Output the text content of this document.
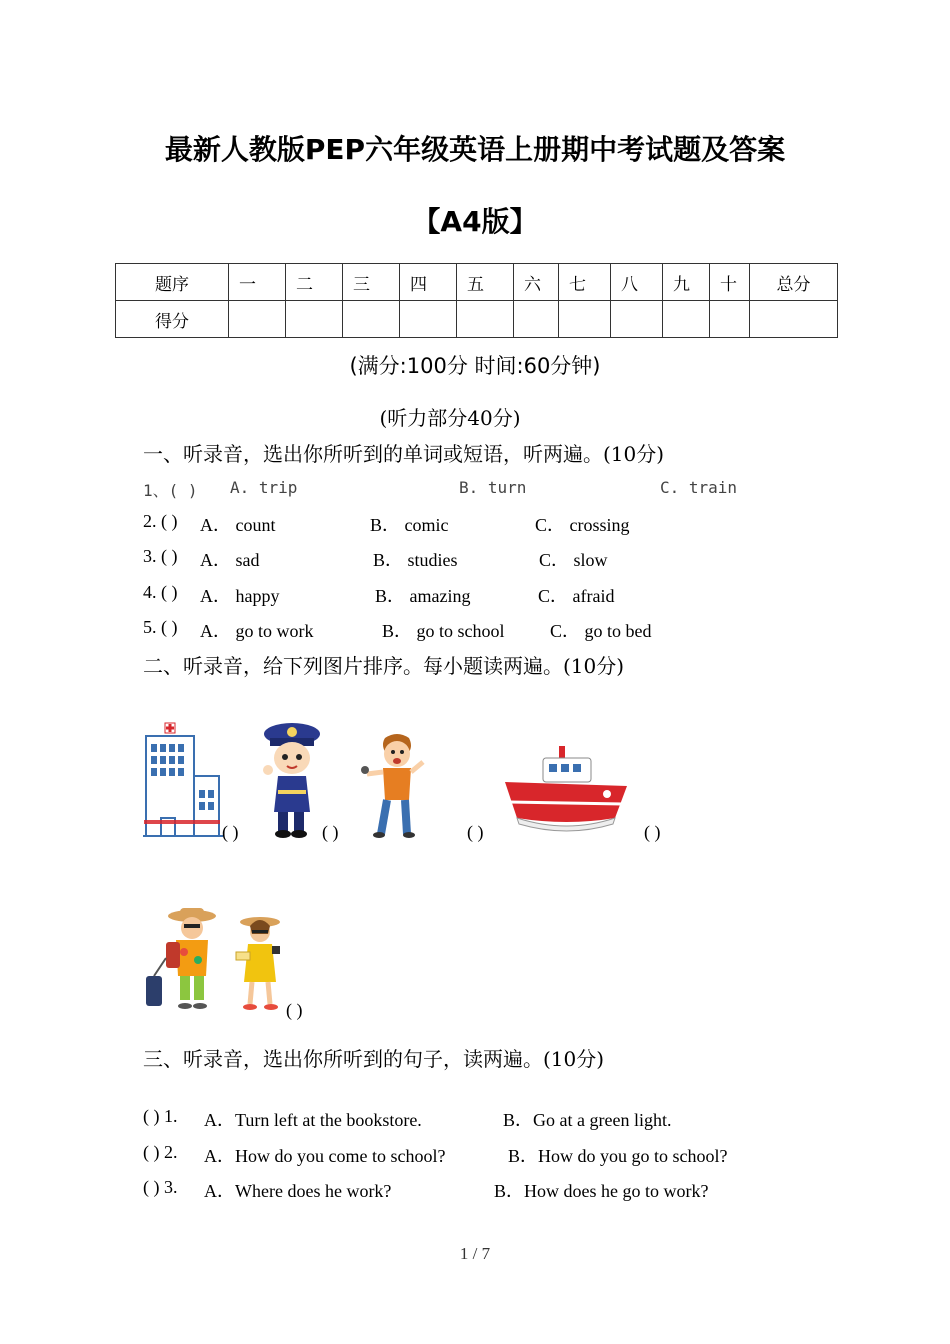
最新人教版PEP六年级英语上册期中考试题及答案
【A4版】
题序	一	二	三	四	五	六	七	八	九	十	总分
得分											
(满分:100分 时间:60分钟)
(听力部分40分)
一、听录音，选出你所听到的单词或短语，听两遍。(10分)
1、( ) A. trip	B. turn	C. train
2. ( ) A． count	B． comic	C． crossing
3. ( ) A． sad	B． studies	C． slow
4. ( ) A． happy	B． amazing	C． afraid
5. ( ) A． go to work	B． go to school	C． go to bed
二、听录音，给下列图片排序。每小题读两遍。(10分)
( )	( )	( )	( )
( )
三、听录音，选出你所听到的句子，读两遍。(10分)
( ) 1. A．Turn left at the bookstore.	B．Go at a green light.
( ) 2. A．How do you come to school?	B．How do you go to school?
( ) 3. A．Where does he work?	B．How does he go to work?
1 / 7
